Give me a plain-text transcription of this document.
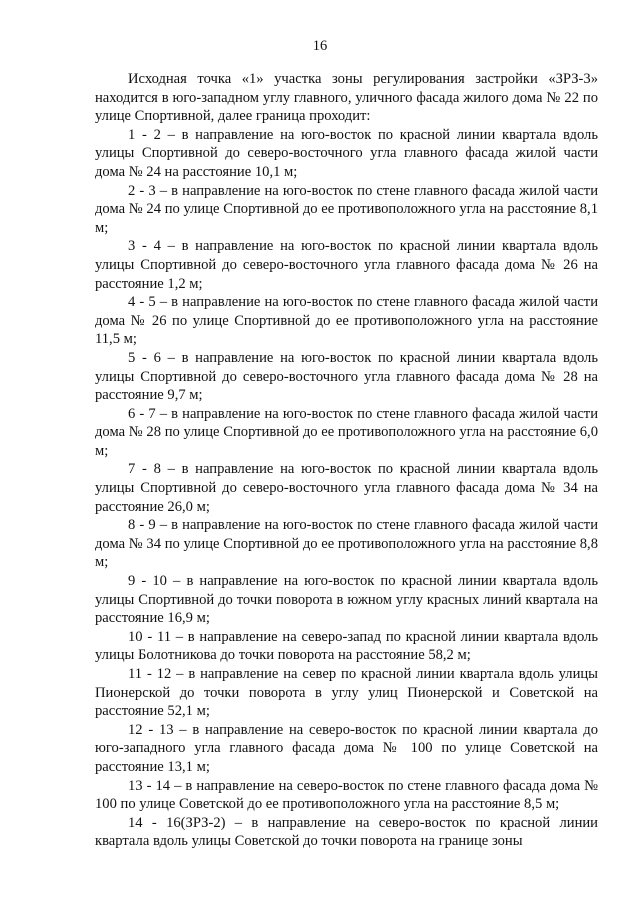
16

Исходная точка «1» участка зоны регулирования застройки «ЗРЗ-3» находится в юго-западном углу главного, уличного фасада жилого дома № 22 по улице Спортивной, далее граница проходит:

1 - 2 – в направление на юго-восток по красной линии квартала вдоль улицы Спортивной до северо-восточного угла главного фасада жилой части дома № 24 на расстояние 10,1 м;

2 - 3 – в направление на юго-восток по стене главного фасада жилой части дома № 24 по улице Спортивной до ее противоположного угла на расстояние 8,1 м;

3 - 4 – в направление на юго-восток по красной линии квартала вдоль улицы Спортивной до северо-восточного угла главного фасада дома № 26 на расстояние 1,2 м;

4 - 5 – в направление на юго-восток по стене главного фасада жилой части дома № 26 по улице Спортивной до ее противоположного угла на расстояние 11,5 м;

5 - 6 – в направление на юго-восток по красной линии квартала вдоль улицы Спортивной до северо-восточного угла главного фасада дома № 28 на расстояние 9,7 м;

6 - 7 – в направление на юго-восток по стене главного фасада жилой части дома № 28 по улице Спортивной до ее противоположного угла на расстояние 6,0 м;

7 - 8 – в направление на юго-восток по красной линии квартала вдоль улицы Спортивной до северо-восточного угла главного фасада дома № 34 на расстояние 26,0 м;

8 - 9 – в направление на юго-восток по стене главного фасада жилой части дома № 34 по улице Спортивной до ее противоположного угла на расстояние 8,8 м;

9 - 10 – в направление на юго-восток по красной линии квартала вдоль улицы Спортивной до точки поворота в южном углу красных линий квартала на расстояние 16,9 м;

10 - 11 – в направление на северо-запад по красной линии квартала вдоль улицы Болотникова до точки поворота на расстояние 58,2 м;

11 - 12 – в направление на север по красной линии квартала вдоль улицы Пионерской до точки поворота в углу улиц Пионерской и Советской на расстояние 52,1 м;

12 - 13 – в направление на северо-восток по красной линии квартала до юго-западного угла главного фасада дома № 100 по улице Советской на расстояние 13,1 м;

13 - 14 – в направление на северо-восток по стене главного фасада дома № 100 по улице Советской до ее противоположного угла на расстояние 8,5 м;

14 - 16(ЗРЗ-2) – в направление на северо-восток по красной линии квартала вдоль улицы Советской до точки поворота на границе зоны
